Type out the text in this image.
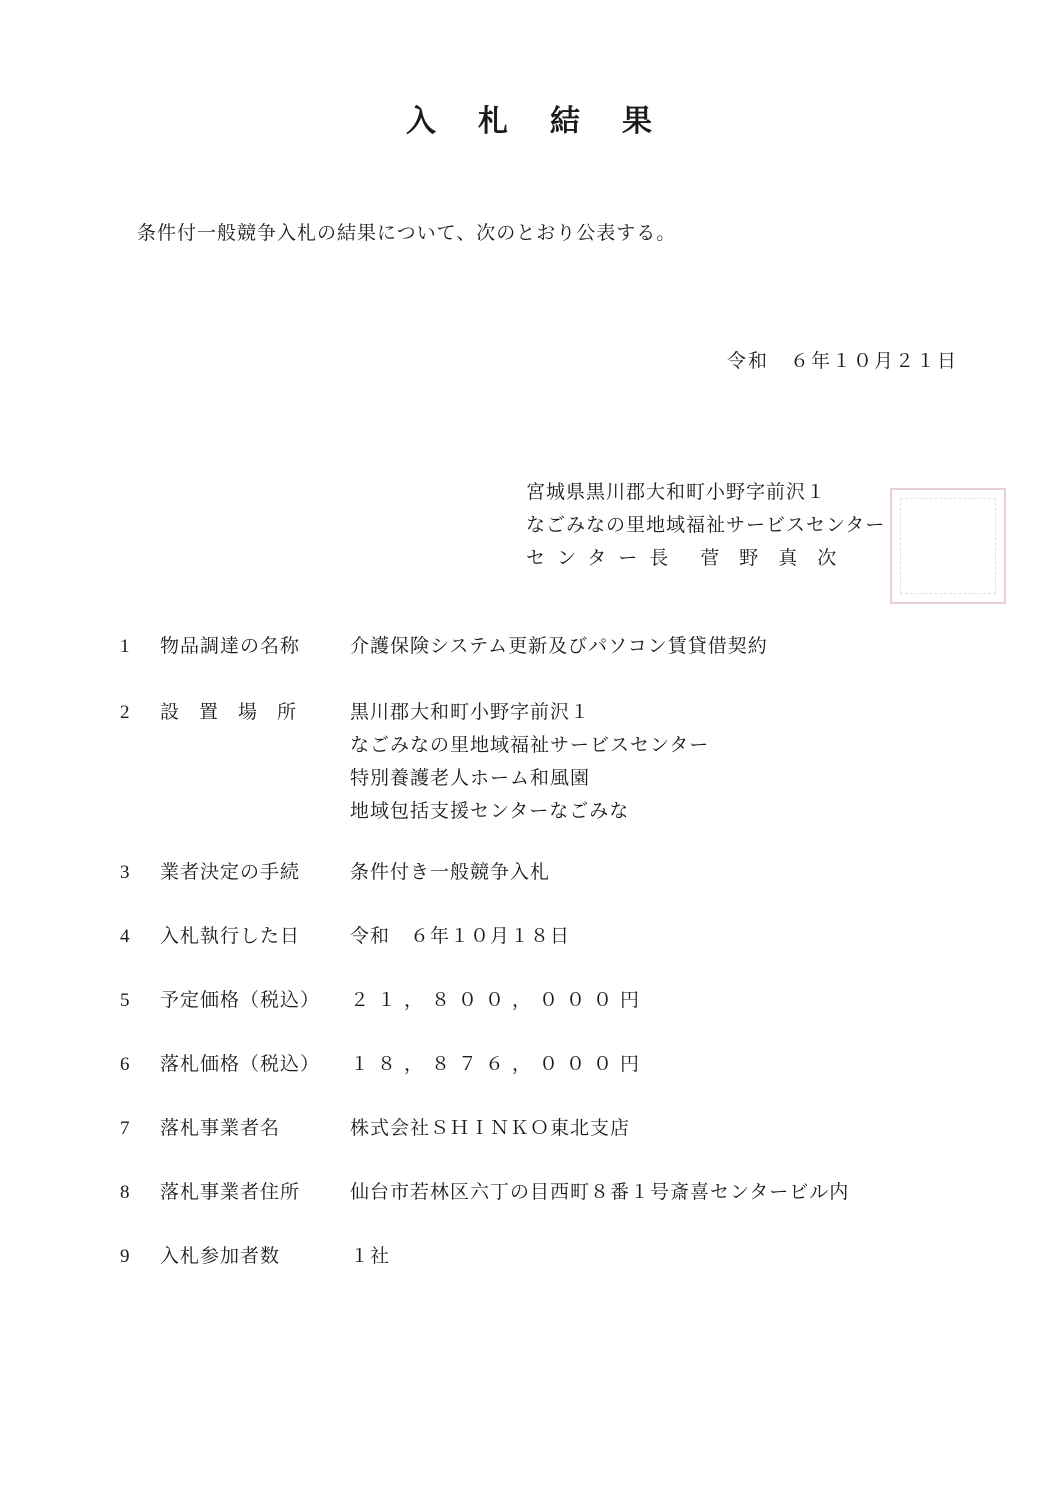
入札結果
条件付一般競争入札の結果について、次のとおり公表する。
令和　６年１０月２１日
宮城県黒川郡大和町小野字前沢１
なごみなの里地域福祉サービスセンター
センター長 菅野真次
1	物品調達の名称	介護保険システム更新及びパソコン賃貸借契約
2	設置場所	黒川郡大和町小野字前沢１
なごみなの里地域福祉サービスセンター
特別養護老人ホーム和風園
地域包括支援センターなごみな
3	業者決定の手続	条件付き一般競争入札
4	入札執行した日	令和　６年１０月１８日
5	予定価格（税込）	２１，８００，０００円
6	落札価格（税込）	１８，８７６，０００円
7	落札事業者名	株式会社ＳＨＩＮＫＯ東北支店
8	落札事業者住所	仙台市若林区六丁の目西町８番１号斎喜センタービル内
9	入札参加者数	１社
